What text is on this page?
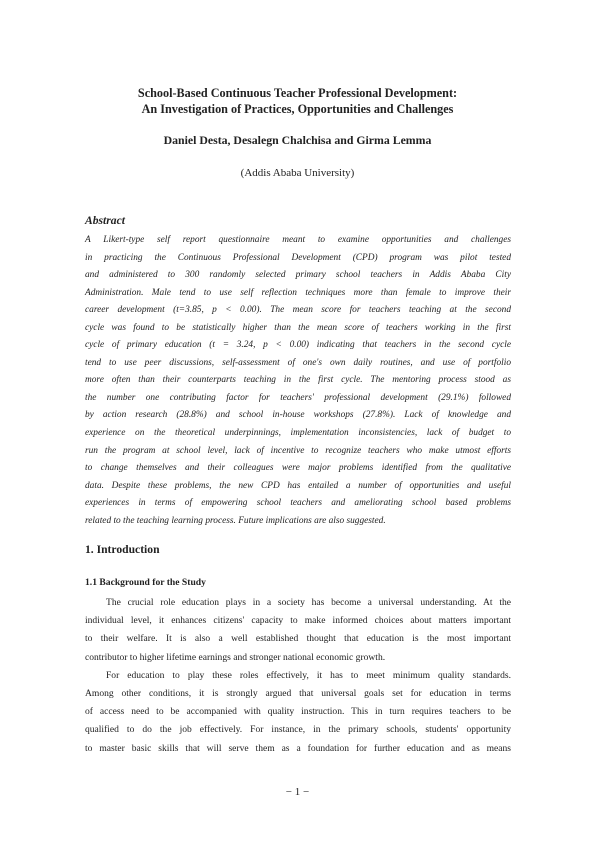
School-Based Continuous Teacher Professional Development:
An Investigation of Practices, Opportunities and Challenges
Daniel Desta, Desalegn Chalchisa and Girma Lemma
(Addis Ababa University)
Abstract
A Likert-type self report questionnaire meant to examine opportunities and challenges
in practicing the Continuous Professional Development (CPD) program was pilot tested
and administered to 300 randomly selected primary school teachers in Addis Ababa City
Administration. Male tend to use self reflection techniques more than female to improve their
career development (t=3.85, p < 0.00). The mean score for teachers teaching at the second
cycle was found to be statistically higher than the mean score of teachers working in the first
cycle of primary education (t = 3.24, p < 0.00) indicating that teachers in the second cycle
tend to use peer discussions, self-assessment of one's own daily routines, and use of portfolio
more often than their counterparts teaching in the first cycle. The mentoring process stood as
the number one contributing factor for teachers' professional development (29.1%) followed
by action research (28.8%) and school in-house workshops (27.8%). Lack of knowledge and
experience on the theoretical underpinnings, implementation inconsistencies, lack of budget to
run the program at school level, lack of incentive to recognize teachers who make utmost efforts
to change themselves and their colleagues were major problems identified from the qualitative
data. Despite these problems, the new CPD has entailed a number of opportunities and useful
experiences in terms of empowering school teachers and ameliorating school based problems
related to the teaching learning process. Future implications are also suggested.
1. Introduction
1.1 Background for the Study
The crucial role education plays in a society has become a universal understanding. At the
individual level, it enhances citizens' capacity to make informed choices about matters important
to their welfare. It is also a well established thought that education is the most important
contributor to higher lifetime earnings and stronger national economic growth.
For education to play these roles effectively, it has to meet minimum quality standards.
Among other conditions, it is strongly argued that universal goals set for education in terms
of access need to be accompanied with quality instruction. This in turn requires teachers to be
qualified to do the job effectively. For instance, in the primary schools, students' opportunity
to master basic skills that will serve them as a foundation for further education and as means
− 1 −
